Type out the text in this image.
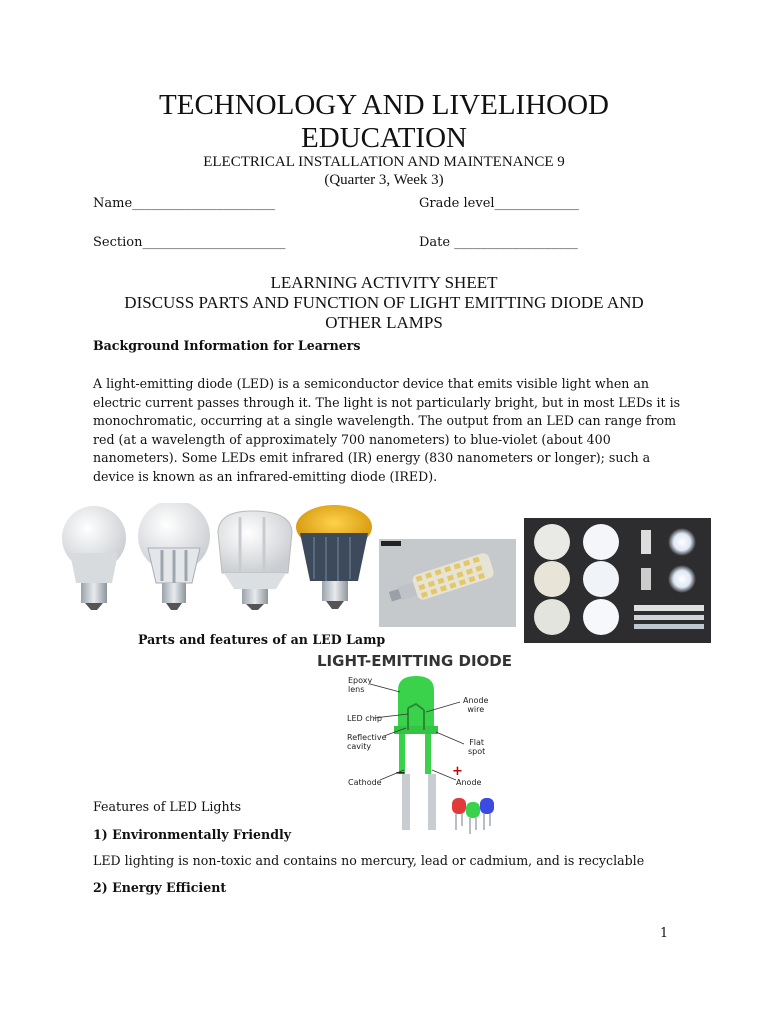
TECHNOLOGY AND LIVELIHOOD
EDUCATION
ELECTRICAL INSTALLATION AND MAINTENANCE 9
(Quarter 3, Week 3)
Name______________________	Grade level_____________
Section______________________	Date ___________________
LEARNING ACTIVITY SHEET
DISCUSS PARTS AND FUNCTION OF LIGHT EMITTING DIODE AND
OTHER LAMPS
Background Information for Learners
A light-emitting diode (LED) is a semiconductor device that emits visible light when an
electric current passes through it. The light is not particularly bright, but in most LEDs it is
monochromatic, occurring at a single wavelength. The output from an LED can range from
red (at a wavelength of approximately 700 nanometers) to blue-violet (about 400
nanometers). Some LEDs emit infrared (IR) energy (830 nanometers or longer); such a
device is known as an infrared-emitting diode (IRED).
Parts and features of an LED Lamp
LIGHT-EMITTING DIODE
Epoxy
lens
LED chip
Reflective
cavity
Anode
wire
Flat
spot
−	+
Cathode	Anode
Features of LED Lights
1) Environmentally Friendly
LED lighting is non-toxic and contains no mercury, lead or cadmium, and is recyclable
2) Energy Efficient
1
